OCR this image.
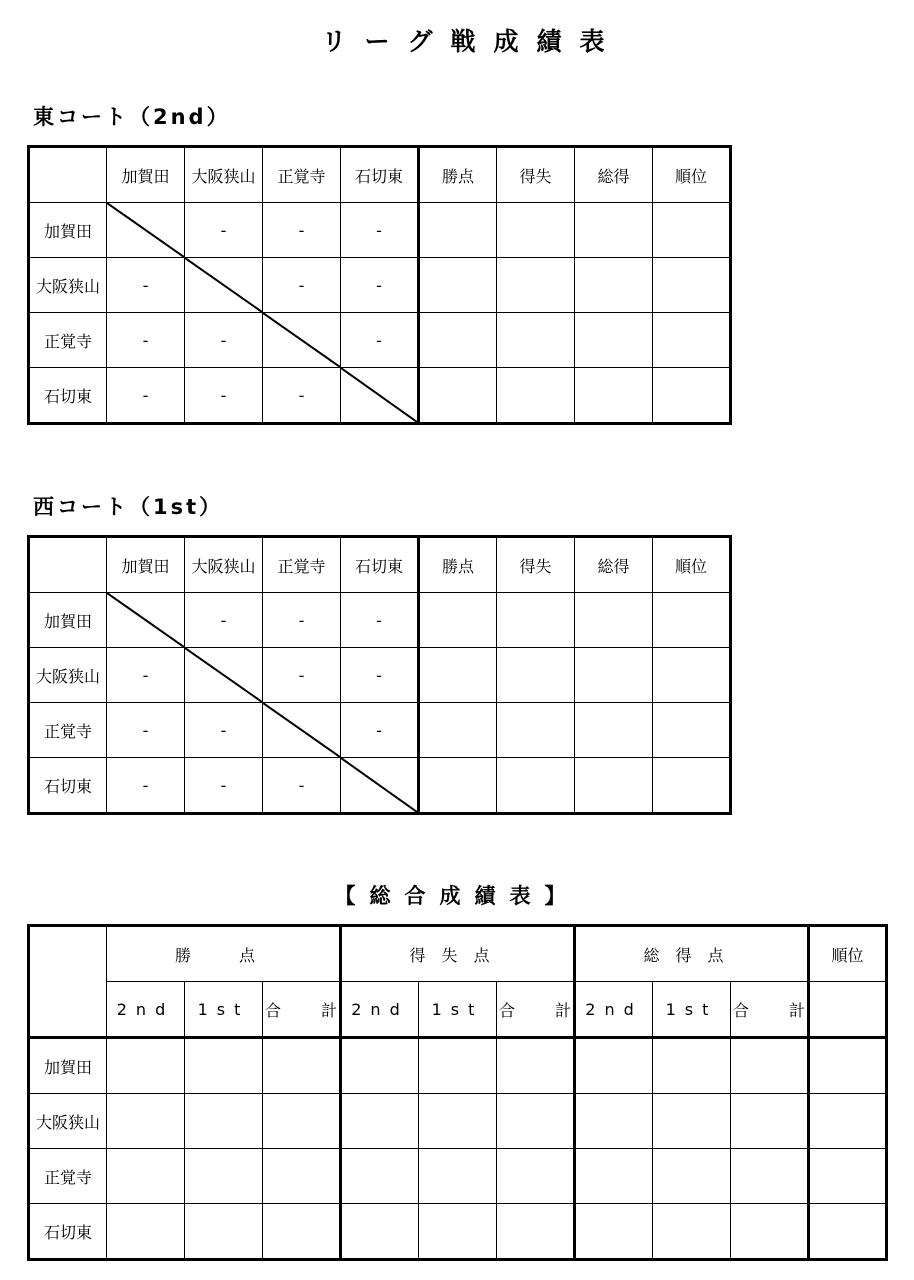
リーグ戦成績表
東コート（2nd）
	加賀田	大阪狭山	正覚寺	石切東	勝点	得失	総得	順位
加賀田		-	-	-				
大阪狭山	-		-	-				
正覚寺	-	-		-				
石切東	-	-	-	

西コート（1st）
	加賀田	大阪狭山	正覚寺	石切東	勝点	得失	総得	順位
加賀田		-	-	-				
大阪狭山	-		-	-				
正覚寺	-	-		-				
石切東	-	-	-	

【総合成績表】
	勝　点			得失点			総得点			順位
	2nd	1st	合　計	2nd	1st	合　計	2nd	1st	合　計	
加賀田										
大阪狭山										
正覚寺										
石切東										
